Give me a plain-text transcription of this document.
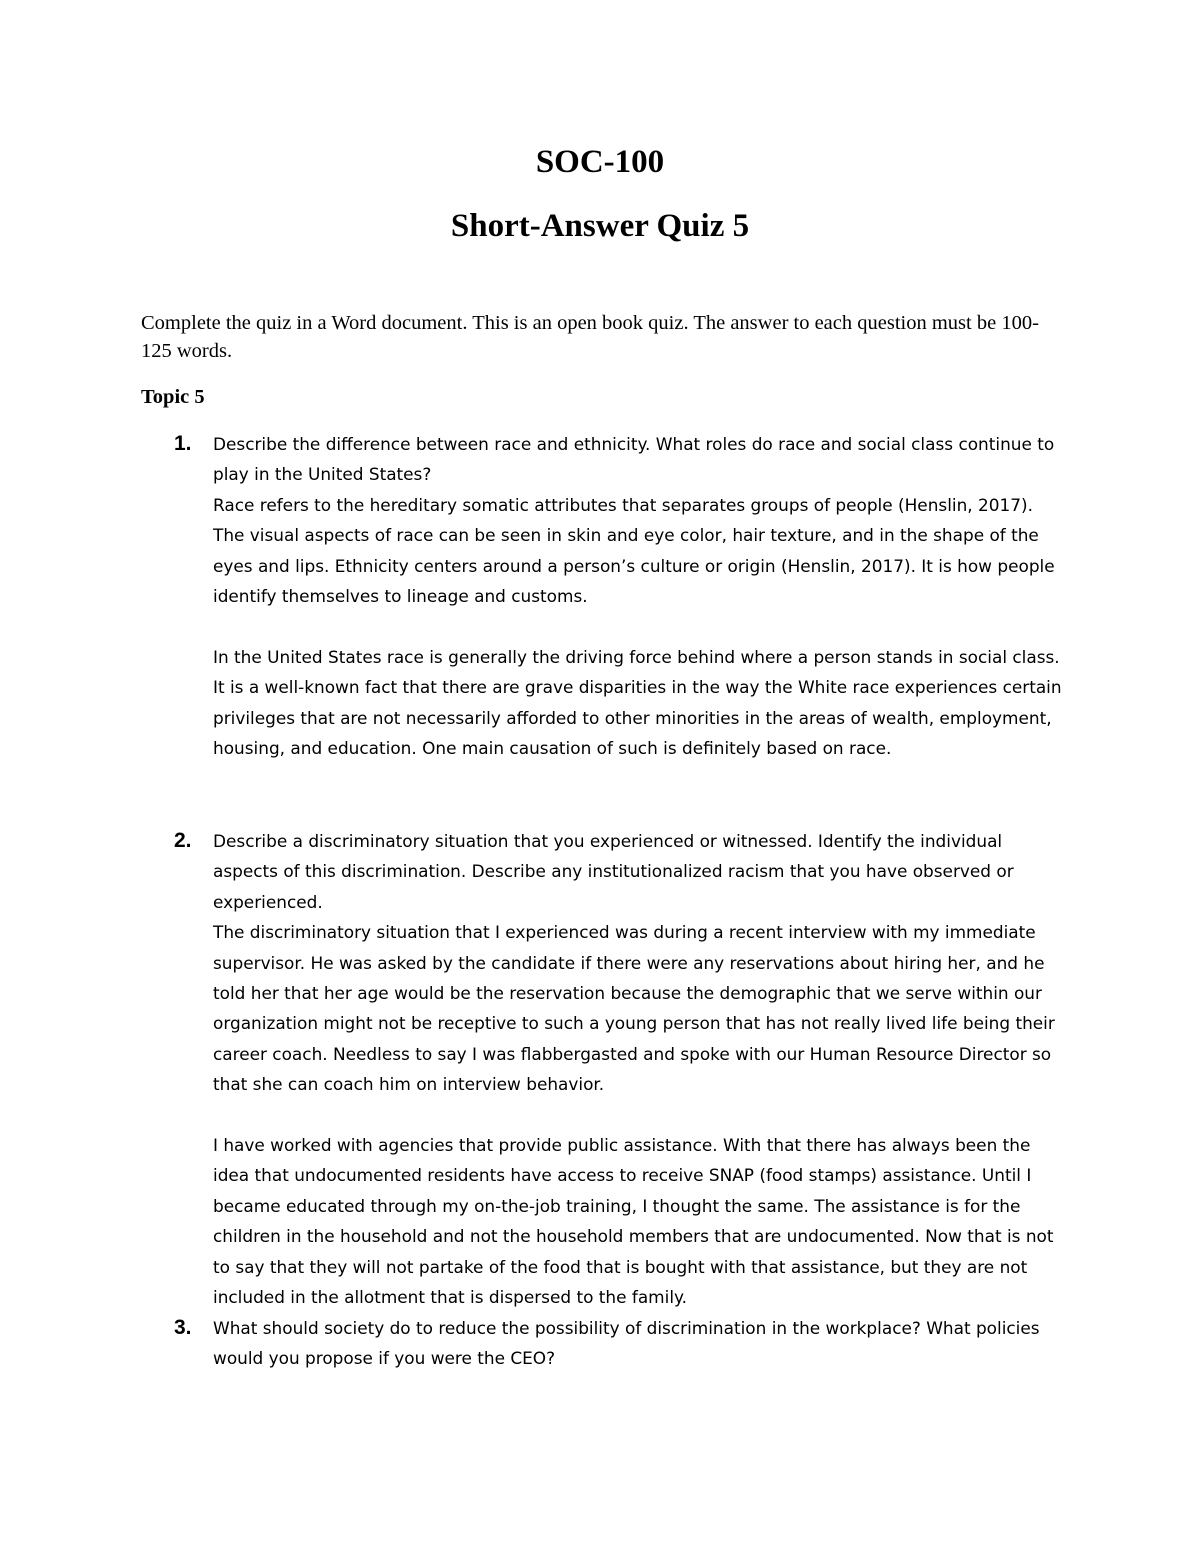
SOC-100
Short-Answer Quiz 5
Complete the quiz in a Word document. This is an open book quiz. The answer to each question must be 100-125 words.
Topic 5
1. Describe the difference between race and ethnicity. What roles do race and social class continue to play in the United States?

Race refers to the hereditary somatic attributes that separates groups of people (Henslin, 2017). The visual aspects of race can be seen in skin and eye color, hair texture, and in the shape of the eyes and lips. Ethnicity centers around a person’s culture or origin (Henslin, 2017). It is how people identify themselves to lineage and customs.

In the United States race is generally the driving force behind where a person stands in social class. It is a well-known fact that there are grave disparities in the way the White race experiences certain privileges that are not necessarily afforded to other minorities in the areas of wealth, employment, housing, and education. One main causation of such is definitely based on race.

2. Describe a discriminatory situation that you experienced or witnessed. Identify the individual aspects of this discrimination. Describe any institutionalized racism that you have observed or experienced.

The discriminatory situation that I experienced was during a recent interview with my immediate supervisor. He was asked by the candidate if there were any reservations about hiring her, and he told her that her age would be the reservation because the demographic that we serve within our organization might not be receptive to such a young person that has not really lived life being their career coach. Needless to say I was flabbergasted and spoke with our Human Resource Director so that she can coach him on interview behavior.

I have worked with agencies that provide public assistance. With that there has always been the idea that undocumented residents have access to receive SNAP (food stamps) assistance. Until I became educated through my on-the-job training, I thought the same. The assistance is for the children in the household and not the household members that are undocumented. Now that is not to say that they will not partake of the food that is bought with that assistance, but they are not included in the allotment that is dispersed to the family.

3. What should society do to reduce the possibility of discrimination in the workplace? What policies would you propose if you were the CEO?
